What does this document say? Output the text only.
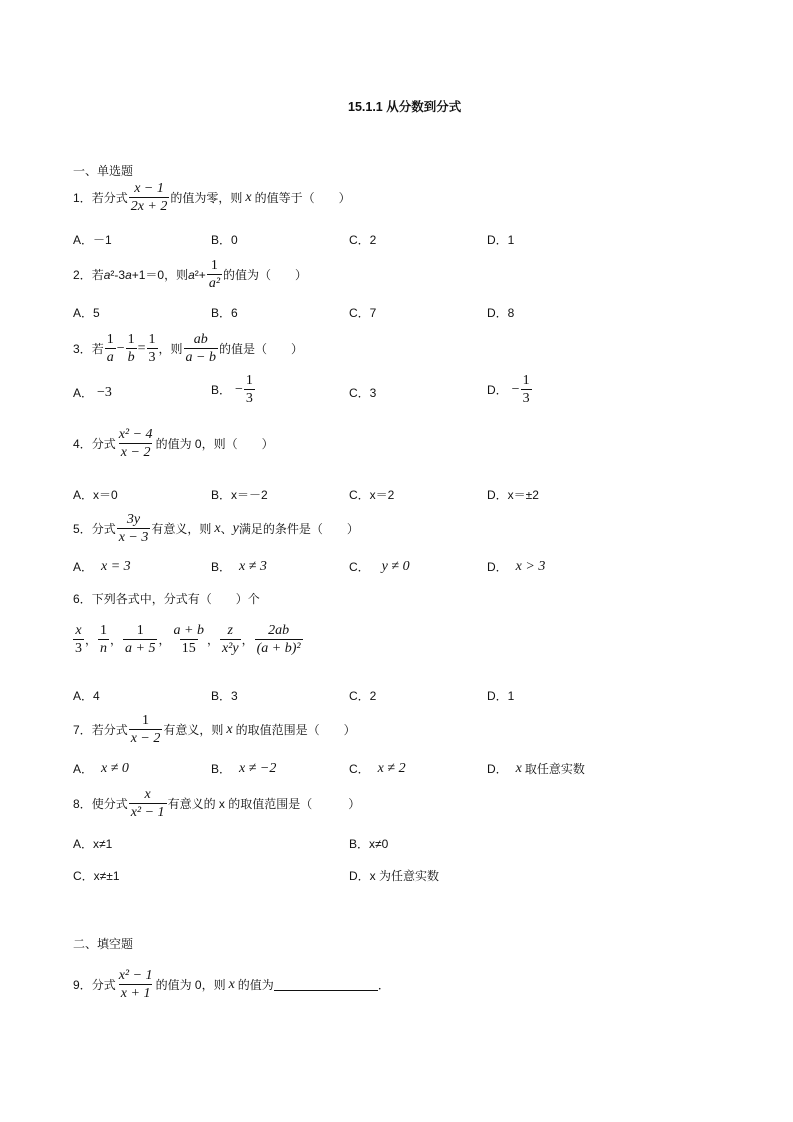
15.1.1 从分数到分式
一、单选题
1． 若分式 $\frac{x - 1}{2x + 2}$ 的值为零，则 x 的值等于（　　）
A．－1	B．0	C．2	D．1
2． 若 a ²-3 a +1＝0，则 a $^2+ \frac{1}{\text{a²}}$ 的值为（　　）
A．5	B．6	C．7	D．8
3． 若 $\frac{1}{a} - \frac{1}{b} = \frac{1}{3}$ ，则 $\frac{ab}{a - b}$ 的值是（　　）
A． −3	B． − $\frac{1}{3}$	C．3	D． − $\frac{1}{3}$
4． 分式 $\frac{\text{x² − 4}}{x - 2}$ 的值为 0，则（　　）
A．x＝0	B．x＝－2	C．x＝2	D．x＝±2
5． 分式 $\frac{3y}{x - 3}$ 有意义，则 x 、 y 满足的条件是（　　）
A． x = 3	B． x ≠ 3	C． y ≠ 0	D． x > 3
6． 下列各式中，分式有（　　）个
$\frac{x}{3}$ ， $\frac{1}{n}$ ， $\frac{1}{a + 5}$ ， $\frac{a + b}{15}$ ， $\frac{z}{\text{x²y}}$ ， $\frac{2ab}{\text{(a + b)²}}$
A．4	B．3	C．2	D．1
7． 若分式 $\frac{1}{x - 2}$ 有意义，则 x 的取值范围是（　　）
A． x ≠ 0	B． x ≠ −2	C． x ≠ 2	D． x 取任意实数
8． 使分式 $\frac{x}{\text{x² − 1}}$ 有意义的 x 的取值范围是（　　　）
A．x≠1	B．x≠0
C．x≠±1	D．x 为任意实数
二、填空题
9． 分式 $\frac{\text{x² − 1}}{x + 1}$ 的值为 0，则 x 的值为	．
